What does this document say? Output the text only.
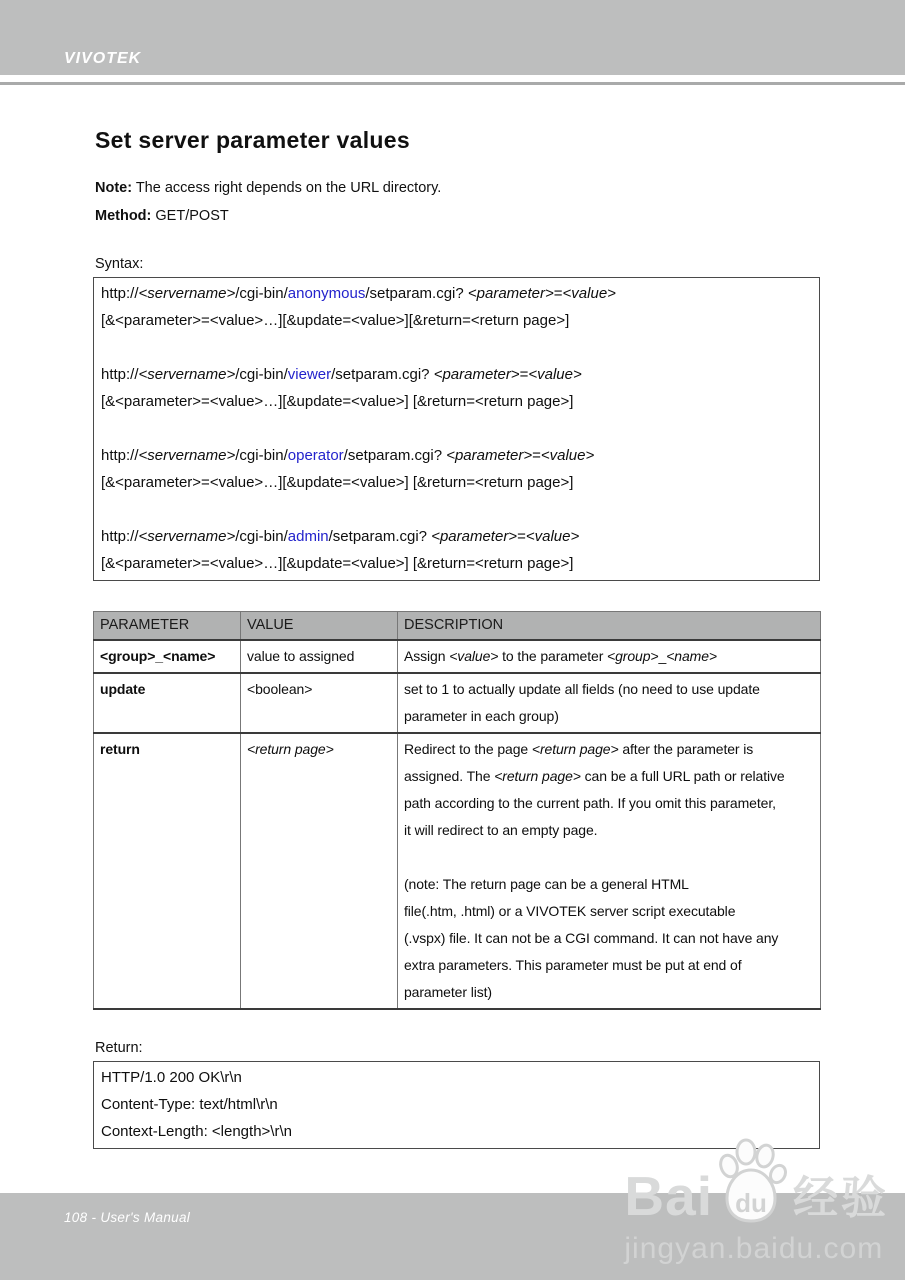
VIVOTEK
Set server parameter values

Note: The access right depends on the URL directory.

Method: GET/POST

Syntax:

http://<servername>/cgi-bin/anonymous/setparam.cgi? <parameter>=<value>
[&<parameter>=<value>…][&update=<value>][&return=<return page>]
http://<servername>/cgi-bin/viewer/setparam.cgi? <parameter>=<value>
[&<parameter>=<value>…][&update=<value>] [&return=<return page>]
http://<servername>/cgi-bin/operator/setparam.cgi? <parameter>=<value>
[&<parameter>=<value>…][&update=<value>] [&return=<return page>]
http://<servername>/cgi-bin/admin/setparam.cgi? <parameter>=<value>
[&<parameter>=<value>…][&update=<value>] [&return=<return page>]
PARAMETER	VALUE	DESCRIPTION
<group>_<name>	value to assigned	Assign <value> to the parameter <group>_<name>

update	<boolean>	set to 1 to actually update all fields (no need to use update
parameter in each group)

return	<return page>	Redirect to the page <return page> after the parameter is
assigned. The <return page> can be a full URL path or relative
path according to the current path. If you omit this parameter,
it will redirect to an empty page.
(note: The return page can be a general HTML
file(.htm, .html) or a VIVOTEK server script executable
(.vspx) file. It can not be a CGI command. It can not have any
extra parameters. This parameter must be put at end of
parameter list)

Return:

HTTP/1.0 200 OK\r\n
Content-Type: text/html\r\n
Context-Length: <length>\r\n
108 - User's Manual	Bai du 经验
jingyan.baidu.com
